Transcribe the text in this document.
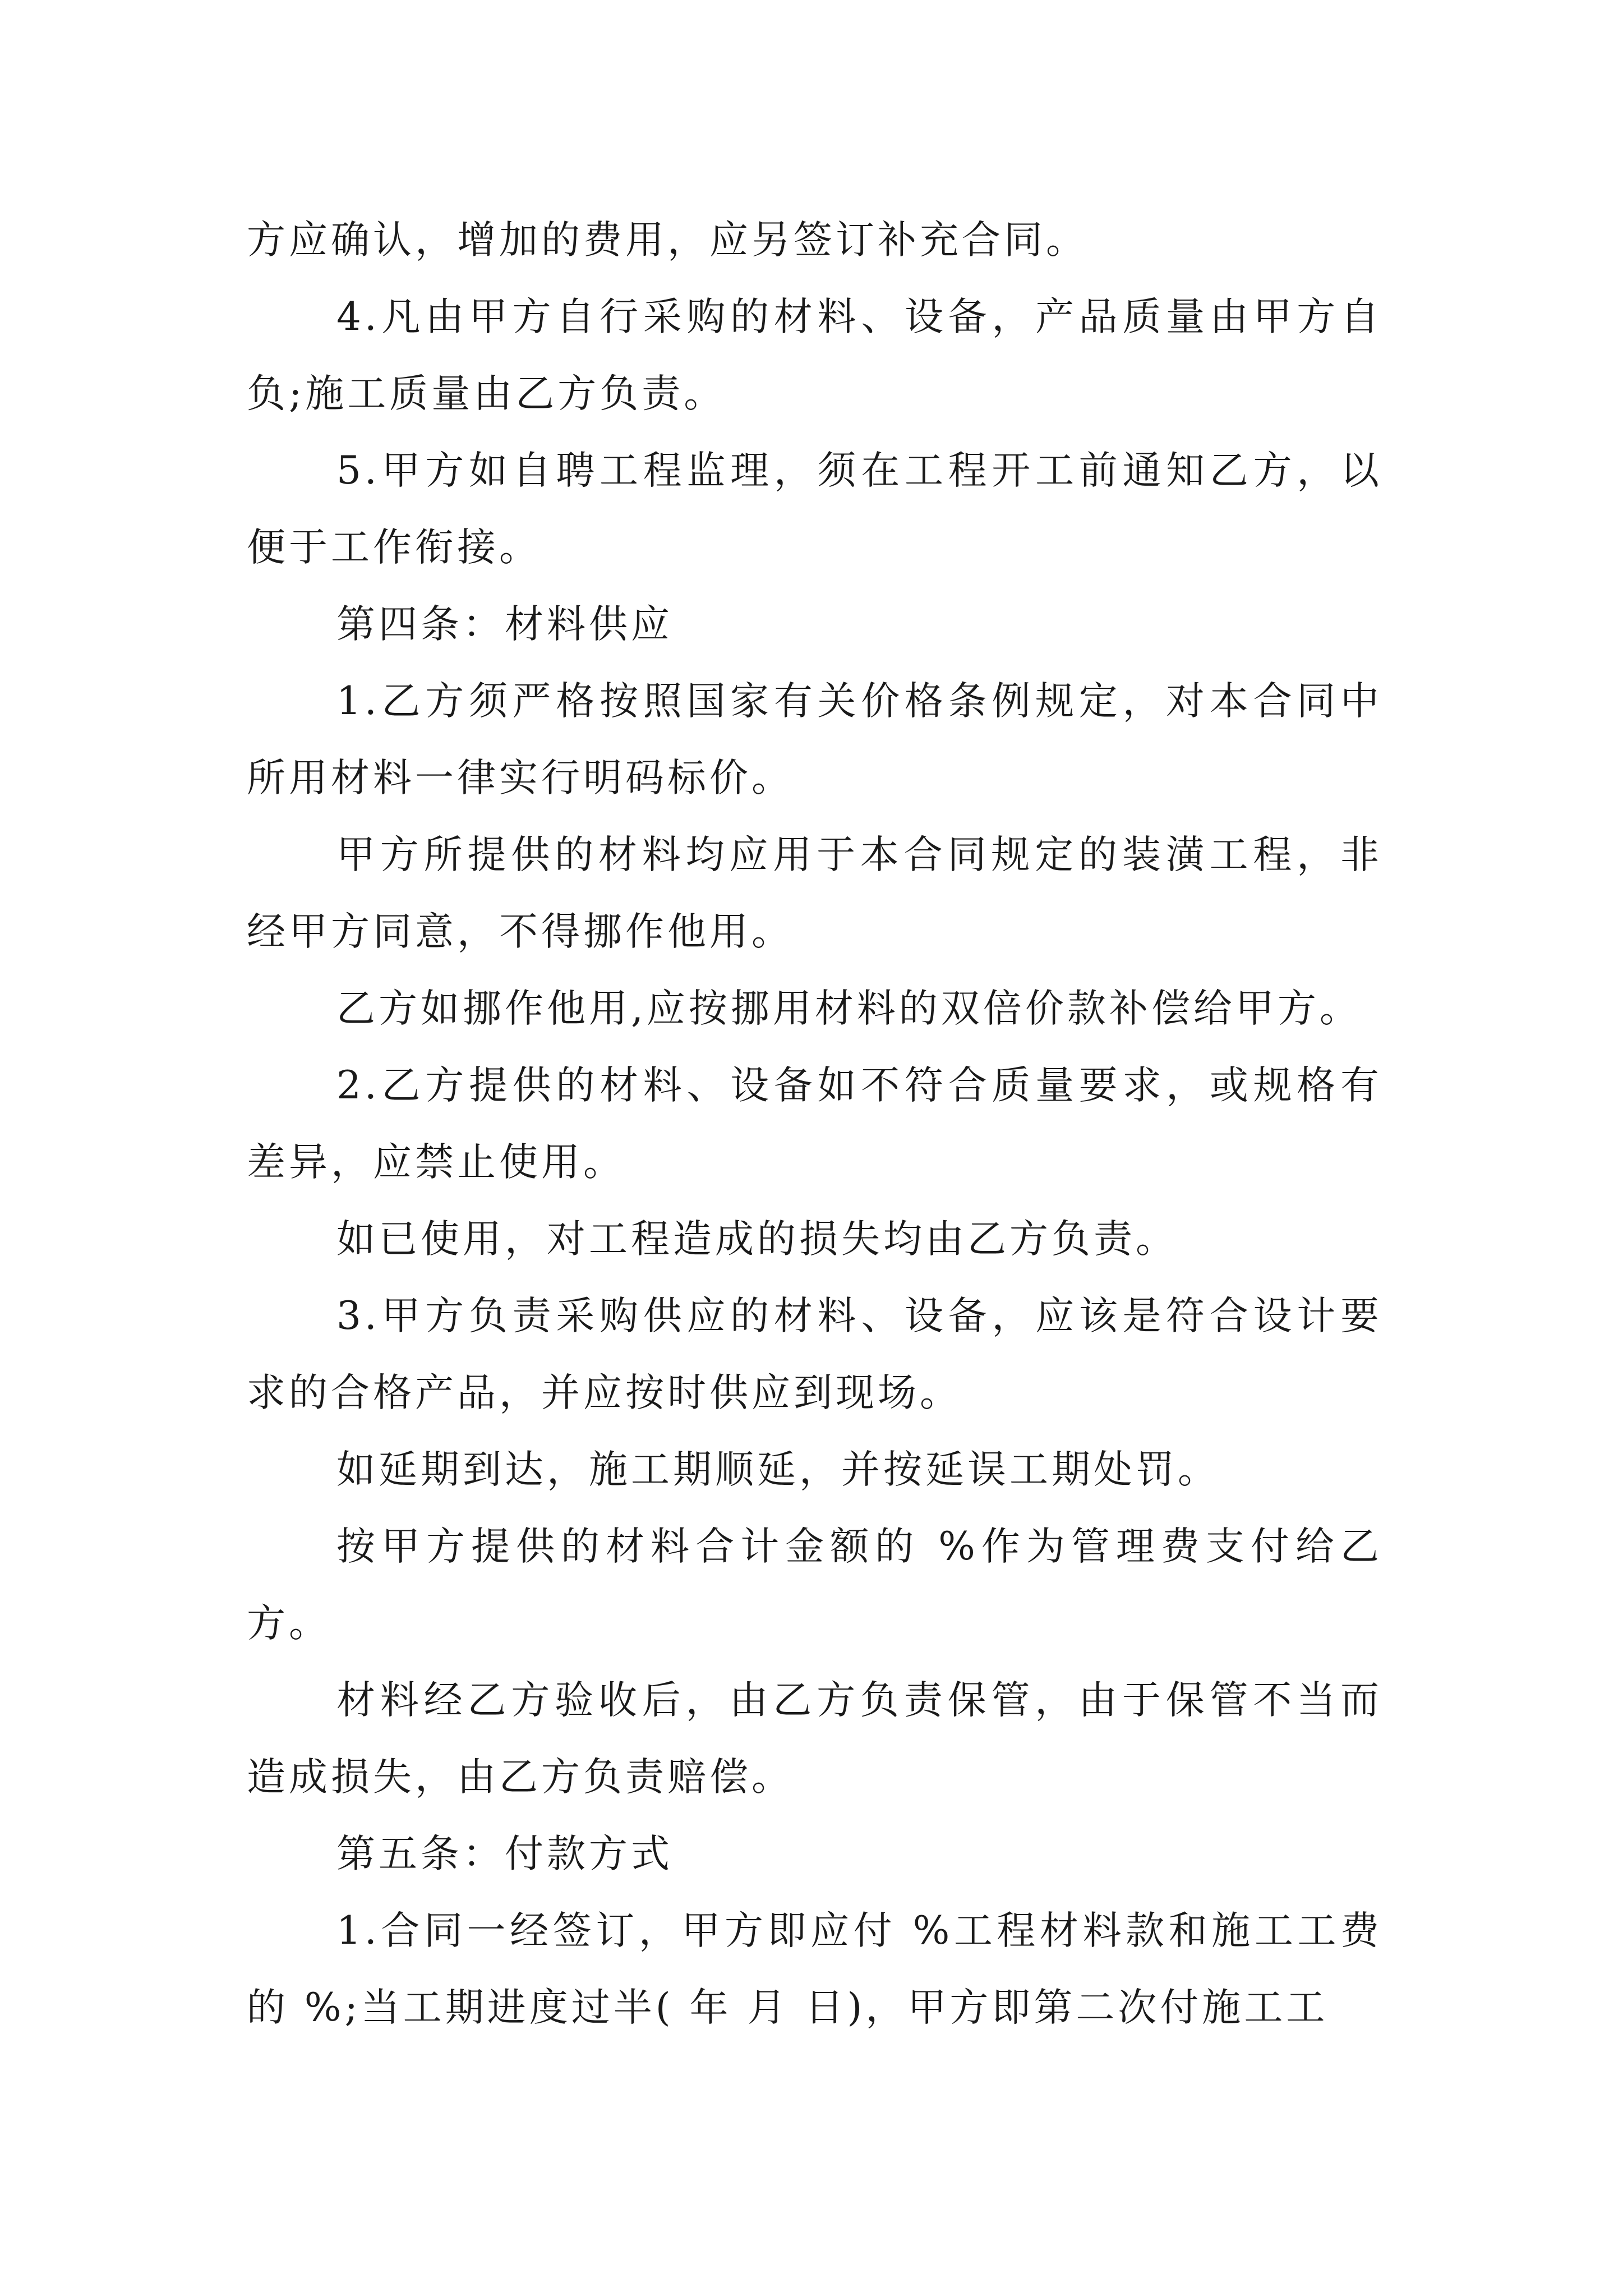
方应确认，增加的费用，应另签订补充合同。

4.凡由甲方自行采购的材料、设备，产品质量由甲方自负;施工质量由乙方负责。

5.甲方如自聘工程监理，须在工程开工前通知乙方，以便于工作衔接。

第四条：材料供应

1.乙方须严格按照国家有关价格条例规定，对本合同中所用材料一律实行明码标价。

甲方所提供的材料均应用于本合同规定的装潢工程，非经甲方同意，不得挪作他用。

乙方如挪作他用,应按挪用材料的双倍价款补偿给甲方。

2.乙方提供的材料、设备如不符合质量要求，或规格有差异，应禁止使用。

如已使用，对工程造成的损失均由乙方负责。

3.甲方负责采购供应的材料、设备，应该是符合设计要求的合格产品，并应按时供应到现场。

如延期到达，施工期顺延，并按延误工期处罚。

按甲方提供的材料合计金额的 %作为管理费支付给乙方。

材料经乙方验收后，由乙方负责保管，由于保管不当而造成损失，由乙方负责赔偿。

第五条：付款方式

1.合同一经签订，甲方即应付 %工程材料款和施工工费的 %;当工期进度过半( 年 月 日)，甲方即第二次付施工工
